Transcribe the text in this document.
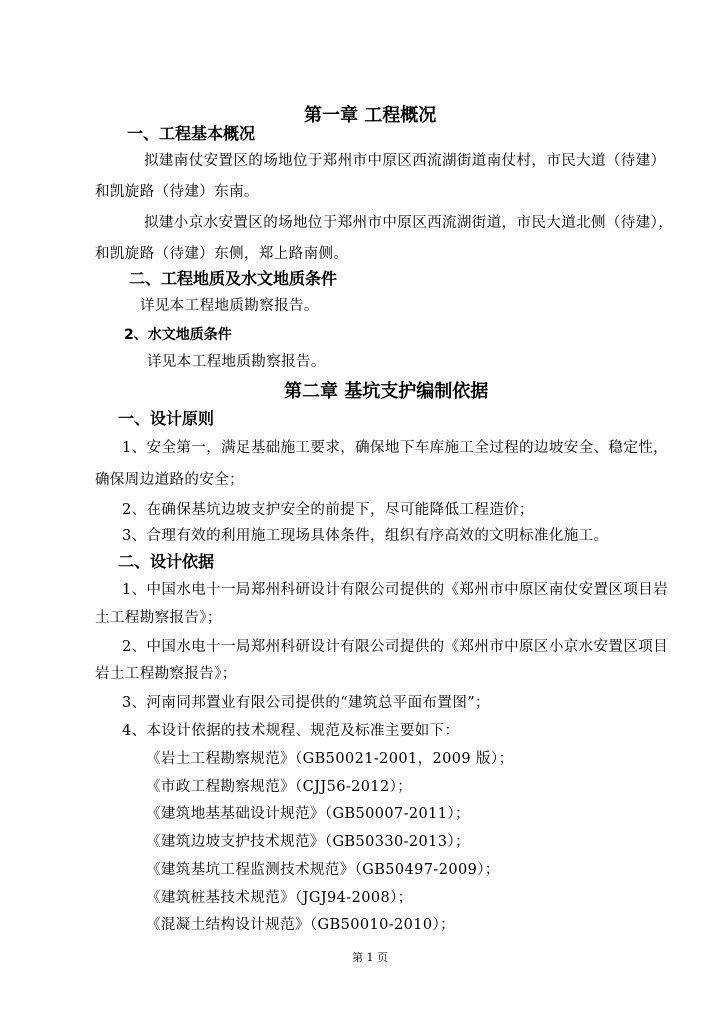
第一章 工程概况
一、工程基本概况
拟建南仗安置区的场地位于郑州市中原区西流湖街道南仗村，市民大道（待建）
和凯旋路（待建）东南。
拟建小京水安置区的场地位于郑州市中原区西流湖街道，市民大道北侧（待建），
和凯旋路（待建）东侧，郑上路南侧。
二、工程地质及水文地质条件
详见本工程地质勘察报告。
2、水文地质条件
详见本工程地质勘察报告。
第二章 基坑支护编制依据
一、设计原则
1、安全第一，满足基础施工要求，确保地下车库施工全过程的边坡安全、稳定性，
确保周边道路的安全；
2、在确保基坑边坡支护安全的前提下，尽可能降低工程造价；
3、合理有效的利用施工现场具体条件，组织有序高效的文明标准化施工。
二、设计依据
1、中国水电十一局郑州科研设计有限公司提供的《郑州市中原区南仗安置区项目岩
土工程勘察报告》；
2、中国水电十一局郑州科研设计有限公司提供的《郑州市中原区小京水安置区项目
岩土工程勘察报告》；
3、河南同邦置业有限公司提供的“建筑总平面布置图”；
4、本设计依据的技术规程、规范及标准主要如下：
《岩土工程勘察规范》（GB50021-2001，2009 版）；
《市政工程勘察规范》（CJJ56-2012）；
《建筑地基基础设计规范》（GB50007-2011）；
《建筑边坡支护技术规范》（GB50330-2013）；
《建筑基坑工程监测技术规范》（GB50497-2009）；
《建筑桩基技术规范》（JGJ94-2008）；
《混凝土结构设计规范》（GB50010-2010）；
第 1 页
